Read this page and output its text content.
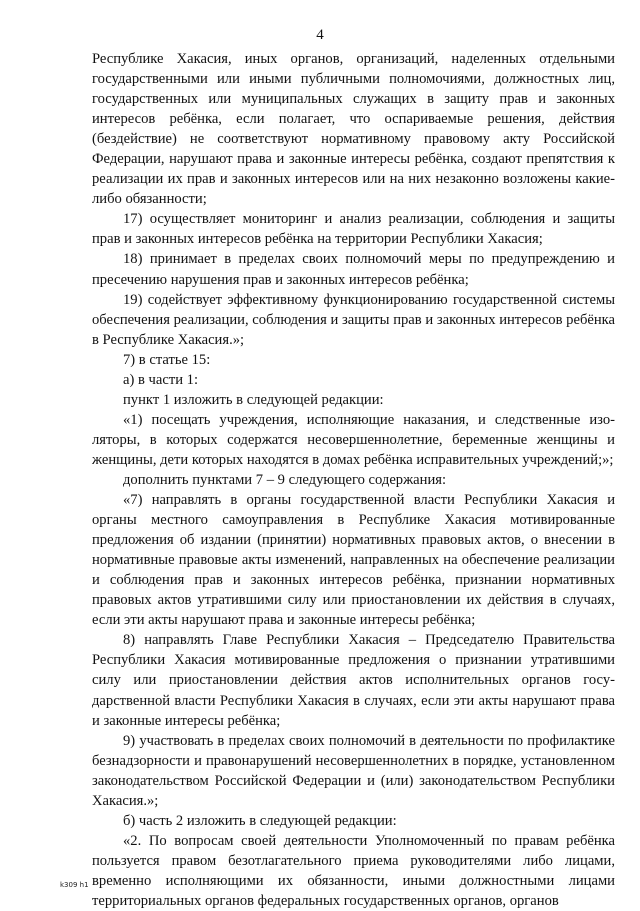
4

Республике Хакасия, иных органов, организаций, наделенных отдельными государственными или иными публичными полномочиями, должностных лиц, государственных или муниципальных служащих в защиту прав и законных интересов ребёнка, если полагает, что оспариваемые решения, действия (бездействие) не соответствуют нормативному правовому акту Российской Федерации, нарушают права и законные интересы ребёнка, создают препятствия к реализации их прав и законных интересов или на них незаконно возложены какие-либо обязанности;

17) осуществляет мониторинг и анализ реализации, соблюдения и защиты прав и законных интересов ребёнка на территории Республики Хакасия;

18) принимает в пределах своих полномочий меры по предупреждению и пресечению нарушения прав и законных интересов ребёнка;

19) содействует эффективному функционированию государственной системы обеспечения реализации, соблюдения и защиты прав и законных интересов ребёнка в Республике Хакасия.»;

7) в статье 15:

а) в части 1:

пункт 1 изложить в следующей редакции:

«1) посещать учреждения, исполняющие наказания, и следственные изоляторы, в которых содержатся несовершеннолетние, беременные женщины и женщины, дети которых находятся в домах ребёнка исправительных учреждений;»;

дополнить пунктами 7 – 9 следующего содержания:

«7) направлять в органы государственной власти Республики Хакасия и органы местного самоуправления в Республике Хакасия мотивированные предложения об издании (принятии) нормативных правовых актов, о внесении в нормативные правовые акты изменений, направленных на обеспечение реализации и соблюдения прав и законных интересов ребёнка, признании нормативных правовых актов утратившими силу или приостановлении их действия в случаях, если эти акты нарушают права и законные интересы ребёнка;

8) направлять Главе Республики Хакасия – Председателю Правительства Республики Хакасия мотивированные предложения о признании утратившими силу или приостановлении действия актов исполнительных органов государственной власти Республики Хакасия в случаях, если эти акты нарушают права и законные интересы ребёнка;

9) участвовать в пределах своих полномочий в деятельности по профилактике безнадзорности и правонарушений несовершеннолетних в порядке, установленном законодательством Российской Федерации и (или) законодательством Республики Хакасия.»;

б) часть 2 изложить в следующей редакции:

«2. По вопросам своей деятельности Уполномоченный по правам ребёнка пользуется правом безотлагательного приема руководителями либо лицами, временно исполняющими их обязанности, иными должностными лицами территориальных органов федеральных государственных органов, органов

k309 h1
